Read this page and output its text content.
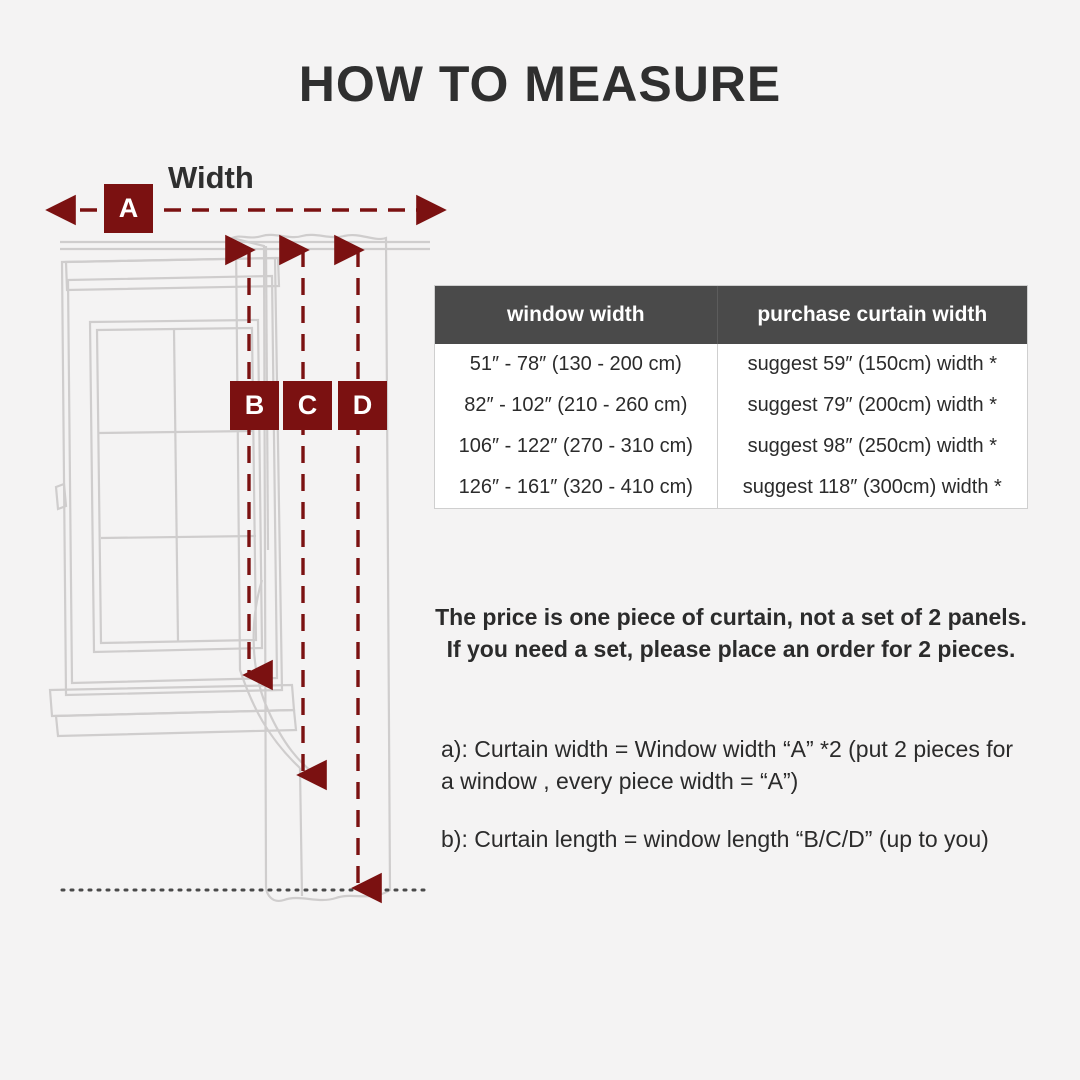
HOW TO MEASURE
Width
A
B	C	D
window width	purchase curtain width
51″ - 78″ (130 - 200 cm)	suggest 59″ (150cm) width *
82″ - 102″ (210 - 260 cm)	suggest 79″ (200cm) width *
106″ - 122″ (270 - 310 cm)	suggest 98″ (250cm) width *
126″ - 161″ (320 - 410 cm)	suggest 118″ (300cm) width *
The price is one piece of curtain, not a set of 2 panels. If you need a set, please place an order for 2 pieces.
a): Curtain width = Window width “A” *2 (put 2 pieces for a window , every piece width = “A”)
b): Curtain length = window length “B/C/D” (up to you)
